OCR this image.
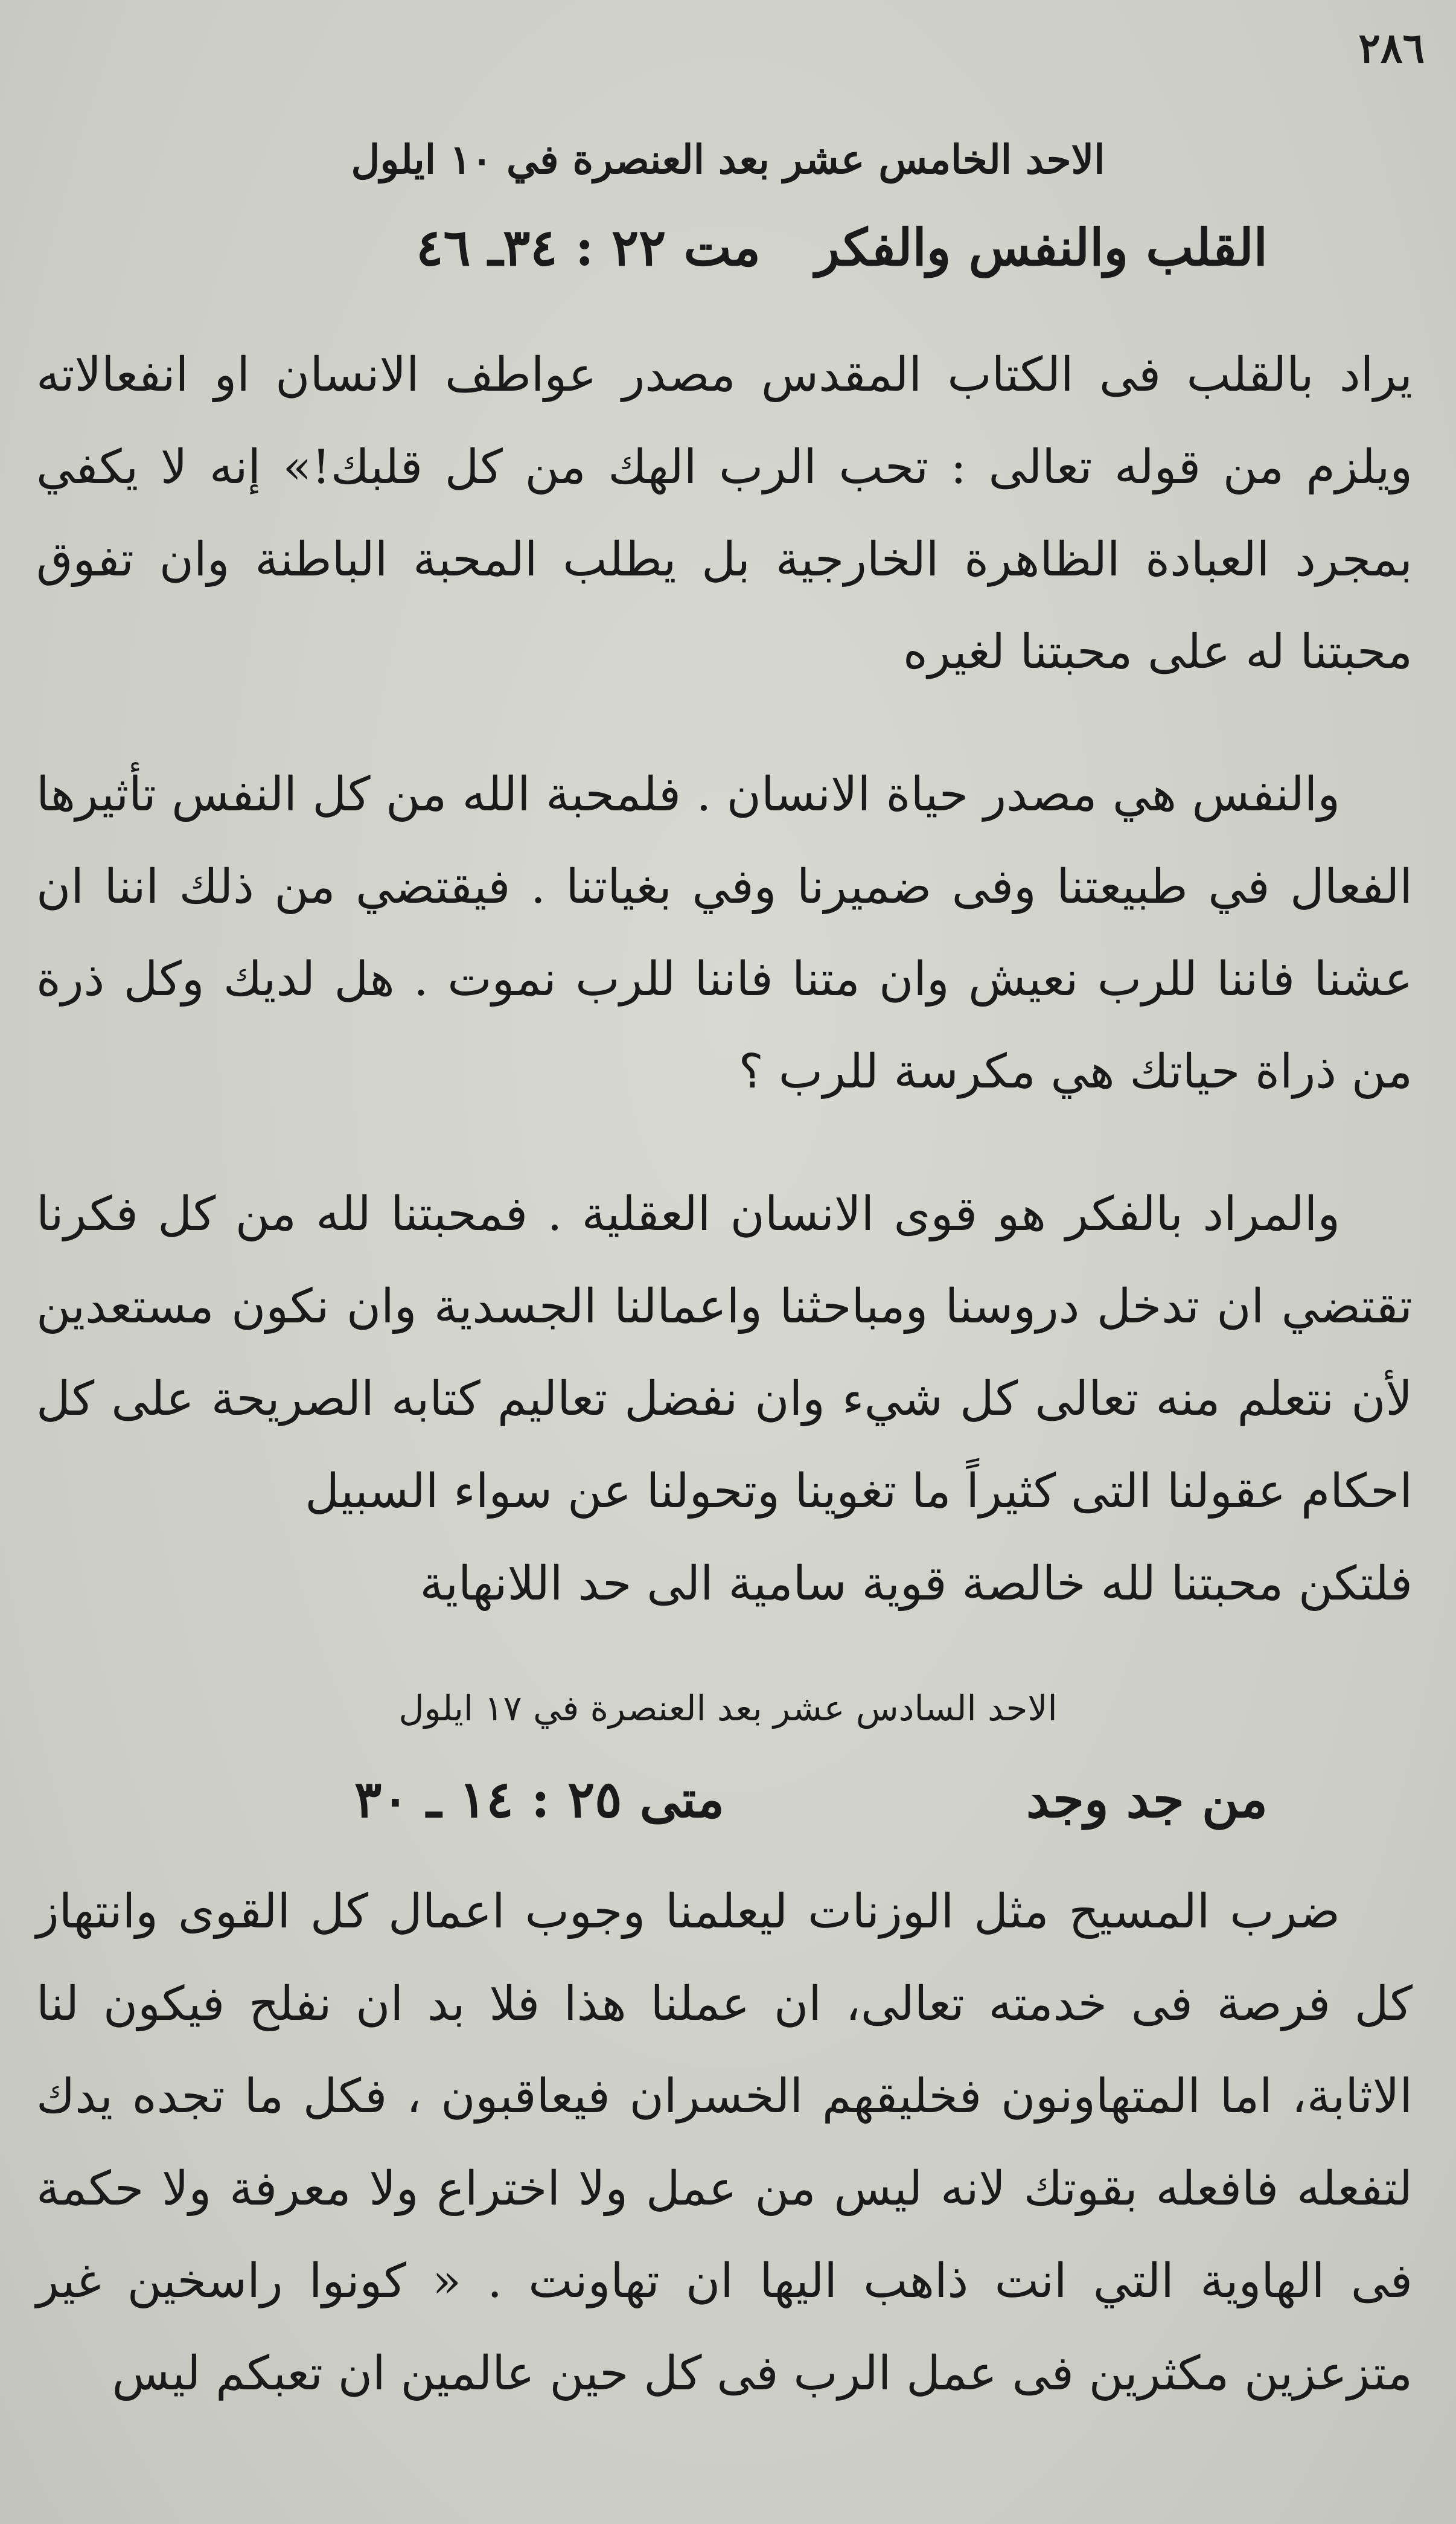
٢٨٦
الاحد الخامس عشر بعد العنصرة في ١٠ ايلول
القلب والنفس والفكر
مت ٢٢ : ٣٤ـ ٤٦

يراد بالقلب فى الكتاب المقدس مصدر عواطف الانسان او انفعالاته ويلزم من قوله تعالى : تحب الرب الهك من كل قلبك!» إنه لا يكفي بمجرد العبادة الظاهرة الخارجية بل يطلب المحبة الباطنة وان تفوق محبتنا له على محبتنا لغيره

والنفس هي مصدر حياة الانسان . فلمحبة الله من كل النفس تأثيرها الفعال في طبيعتنا وفى ضميرنا وفي بغياتنا . فيقتضي من ذلك اننا ان عشنا فاننا للرب نعيش وان متنا فاننا للرب نموت . هل لديك وكل ذرة من ذراة حياتك هي مكرسة للرب ؟

والمراد بالفكر هو قوى الانسان العقلية . فمحبتنا لله من كل فكرنا تقتضي ان تدخل دروسنا ومباحثنا واعمالنا الجسدية وان نكون مستعدين لأن نتعلم منه تعالى كل شيء وان نفضل تعاليم كتابه الصريحة على كل احكام عقولنا التى كثيراً ما تغوينا وتحولنا عن سواء السبيل
فلتكن محبتنا لله خالصة قوية سامية الى حد اللانهاية
الاحد السادس عشر بعد العنصرة في ١٧ ايلول
من جد وجد
متى ٢٥ : ١٤ ـ ٣٠

ضرب المسيح مثل الوزنات ليعلمنا وجوب اعمال كل القوى وانتهاز كل فرصة فى خدمته تعالى، ان عملنا هذا فلا بد ان نفلح فيكون لنا الاثابة، اما المتهاونون فخليقهم الخسران فيعاقبون ، فكل ما تجده يدك لتفعله فافعله بقوتك لانه ليس من عمل ولا اختراع ولا معرفة ولا حكمة فى الهاوية التي انت ذاهب اليها ان تهاونت . « كونوا راسخين غير متزعزين مكثرين فى عمل الرب فى كل حين عالمين ان تعبكم ليس
